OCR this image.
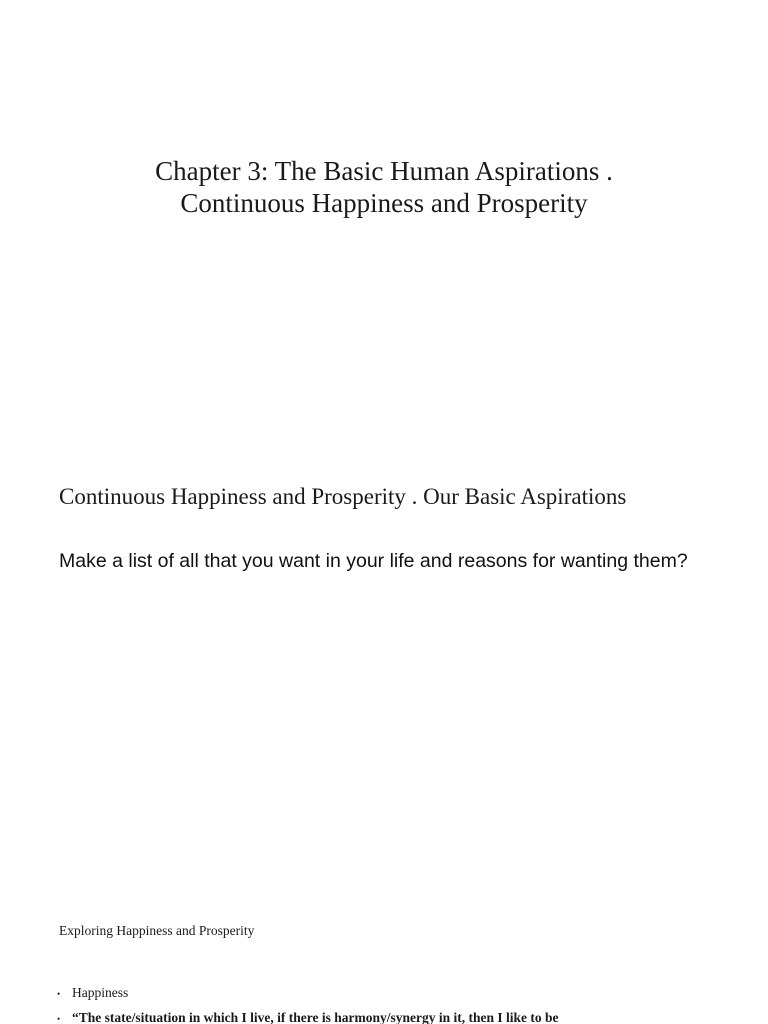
Chapter 3: The Basic Human Aspirations .
Continuous Happiness and Prosperity
Continuous Happiness and Prosperity . Our Basic Aspirations
Make a list of all that you want in your life and reasons for wanting them?
Exploring Happiness and Prosperity
• Happiness
• “The state/situation in which I live, if there is harmony/synergy in it, then I like to be
